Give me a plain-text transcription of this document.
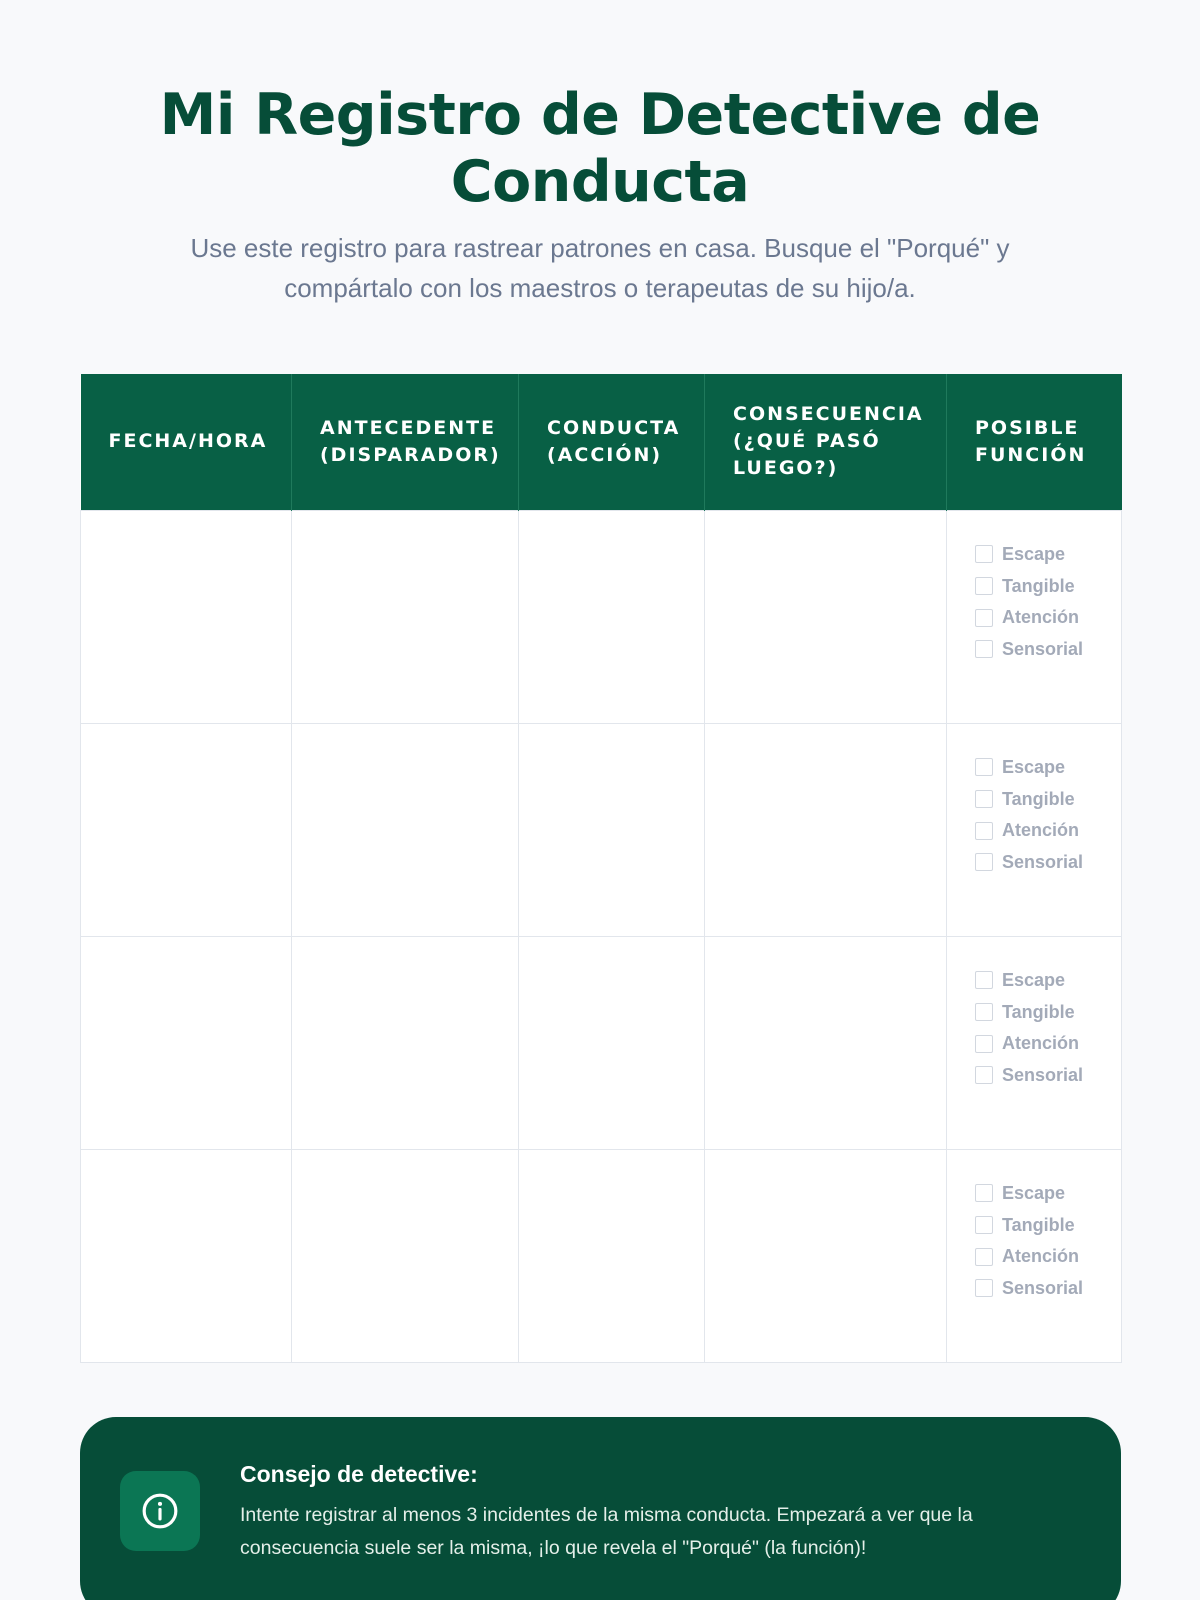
Mi Registro de Detective de Conducta

Use este registro para rastrear patrones en casa. Busque el "Porqué" y compártalo con los maestros o terapeutas de su hijo/a.

FECHA/HORA	ANTECEDENTE (DISPARADOR)	CONDUCTA (ACCIÓN)	CONSECUENCIA (¿QUÉ PASÓ LUEGO?)	POSIBLE FUNCIÓN

				Escape
Tangible
Atención
Sensorial

				Escape
Tangible
Atención
Sensorial

				Escape
Tangible
Atención
Sensorial

				Escape
Tangible
Atención
Sensorial
Consejo de detective:
Intente registrar al menos 3 incidentes de la misma conducta. Empezará a ver que la consecuencia suele ser la misma, ¡lo que revela el "Porqué" (la función)!
